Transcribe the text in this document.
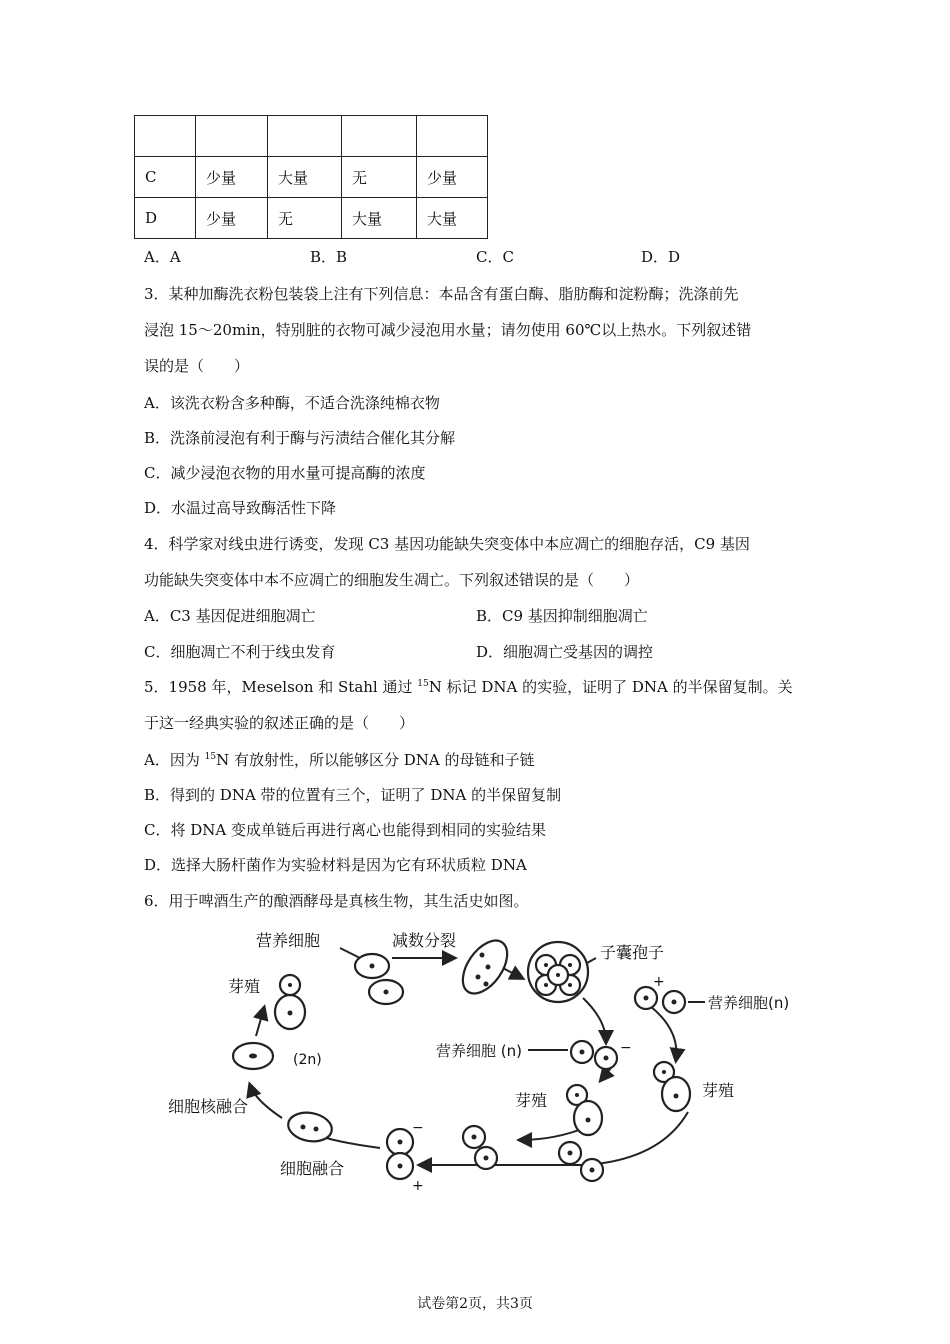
C	少量	大量	无	少量
D	少量	无	大量	大量
A．A	B．B	C．C	D．D
3．某种加酶洗衣粉包装袋上注有下列信息：本品含有蛋白酶、脂肪酶和淀粉酶；洗涤前先
浸泡 15～20min，特别脏的衣物可减少浸泡用水量；请勿使用 60℃以上热水。下列叙述错
误的是（　　）
A．该洗衣粉含多种酶，不适合洗涤纯棉衣物
B．洗涤前浸泡有利于酶与污渍结合催化其分解
C．减少浸泡衣物的用水量可提高酶的浓度
D．水温过高导致酶活性下降
4．科学家对线虫进行诱变，发现 C3 基因功能缺失突变体中本应凋亡的细胞存活，C9 基因
功能缺失突变体中本不应凋亡的细胞发生凋亡。下列叙述错误的是（　　）
A．C3 基因促进细胞凋亡	B．C9 基因抑制细胞凋亡
C．细胞凋亡不利于线虫发育	D．细胞凋亡受基因的调控
5．1958 年，Meselson 和 Stahl 通过 $^{15}$N 标记 DNA 的实验，证明了 DNA 的半保留复制。关
于这一经典实验的叙述正确的是（　　）
A．因为 $^{15}$N 有放射性，所以能够区分 DNA 的母链和子链
B．得到的 DNA 带的位置有三个，证明了 DNA 的半保留复制
C．将 DNA 变成单链后再进行离心也能得到相同的实验结果
D．选择大肠杆菌作为实验材料是因为它有环状质粒 DNA
6．用于啤酒生产的酿酒酵母是真核生物，其生活史如图。
营养细胞	减数分裂
子囊孢子
芽殖
(2n)
营养细胞(n)
营养细胞 (n)
芽殖
芽殖
细胞核融合
细胞融合
+
−
−
+
试卷第2页，共3页
